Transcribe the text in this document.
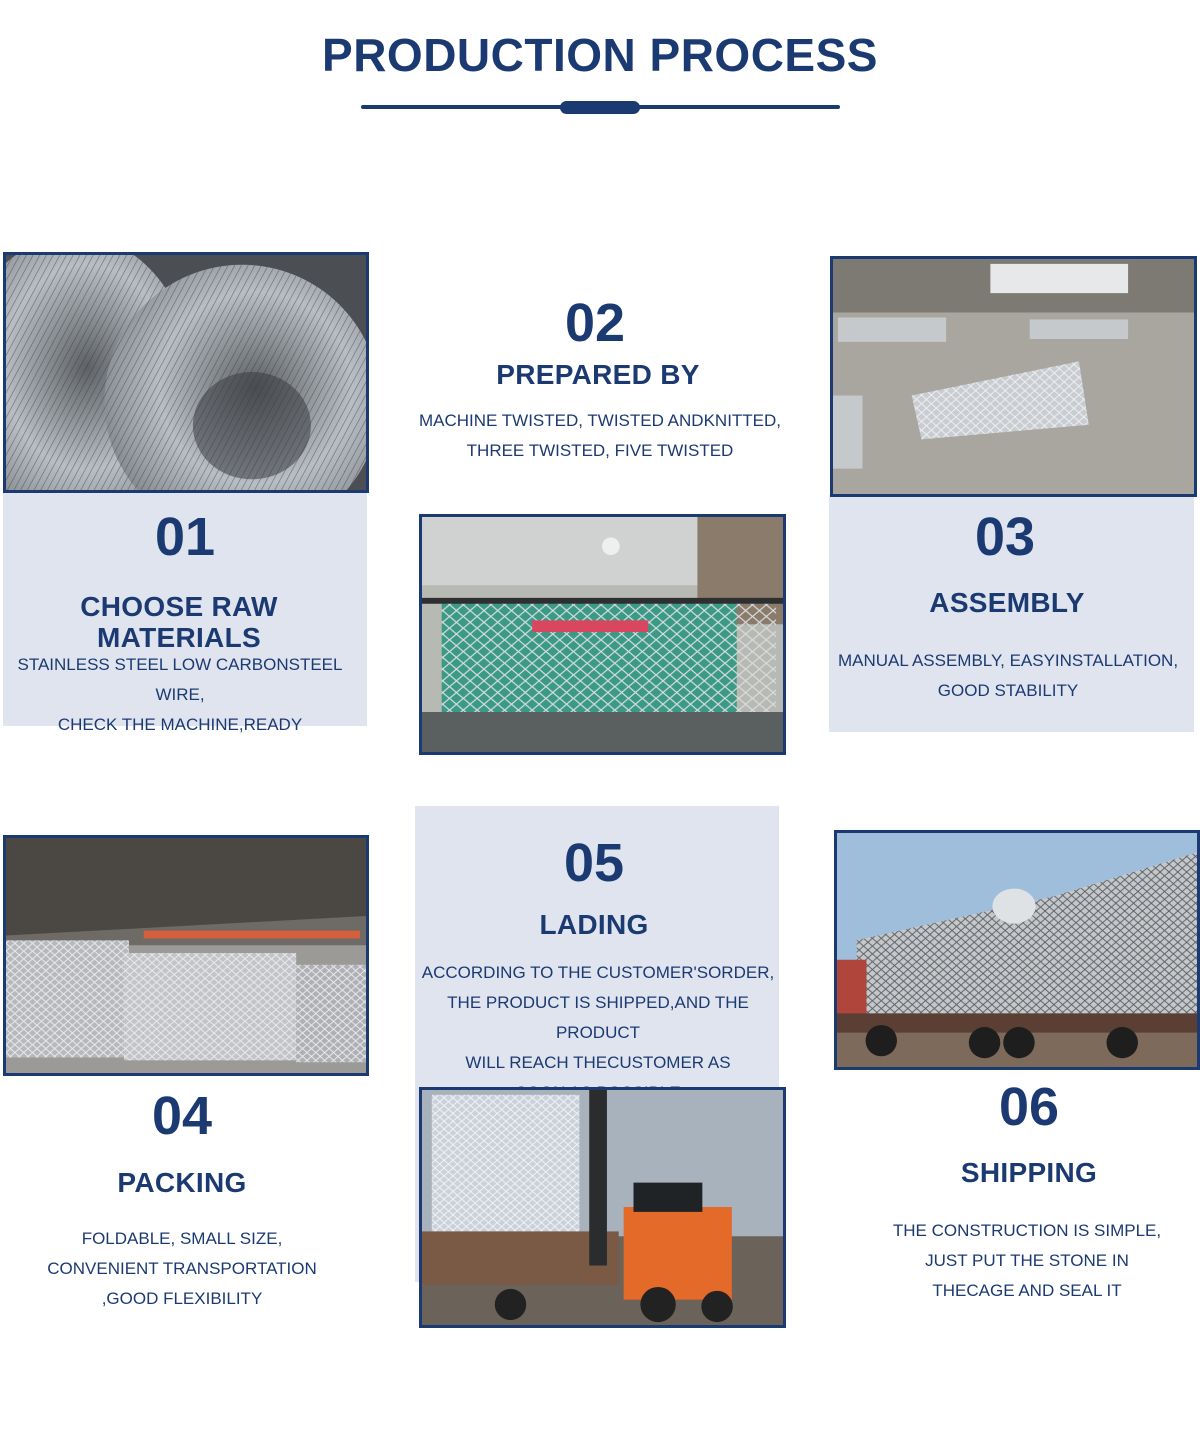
PRODUCTION PROCESS
01
CHOOSE RAW MATERIALS
STAINLESS STEEL LOW CARBONSTEEL WIRE,
CHECK THE MACHINE,READY
02
PREPARED BY
MACHINE TWISTED, TWISTED ANDKNITTED,
THREE TWISTED, FIVE TWISTED
03
ASSEMBLY
MANUAL ASSEMBLY, EASYINSTALLATION,
GOOD STABILITY
04
PACKING
FOLDABLE, SMALL SIZE,
CONVENIENT TRANSPORTATION
,GOOD FLEXIBILITY
05
LADING
ACCORDING TO THE CUSTOMER'SORDER,
THE PRODUCT IS SHIPPED,AND THE PRODUCT
WILL REACH THECUSTOMER AS
06
SHIPPING
THE CONSTRUCTION IS SIMPLE,
JUST PUT THE STONE IN
THECAGE AND SEAL IT
